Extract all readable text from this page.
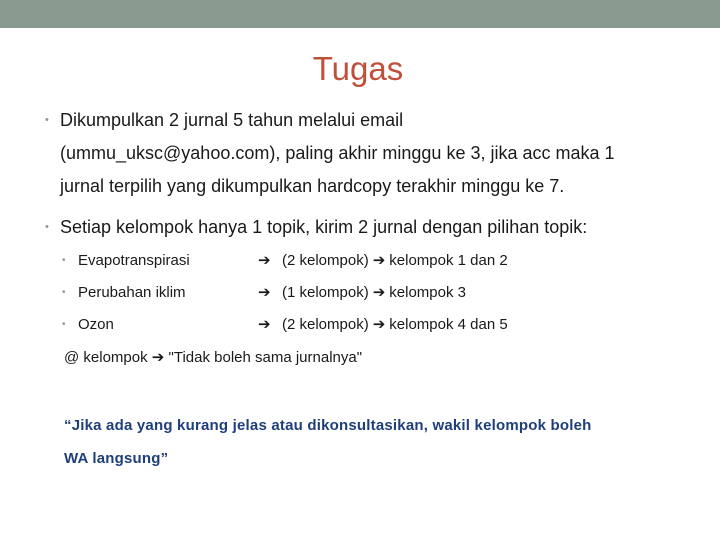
Tugas
• Dikumpulkan 2 jurnal 5 tahun melalui email
(ummu_uksc@yahoo.com), paling akhir minggu ke 3, jika acc maka 1
jurnal terpilih yang dikumpulkan hardcopy terakhir minggu ke 7.
• Setiap kelompok hanya 1 topik, kirim 2 jurnal dengan pilihan topik:
• Evapotranspirasi	➔ (2 kelompok) ➔ kelompok 1 dan 2
• Perubahan iklim	➔ (1 kelompok) ➔ kelompok 3
• Ozon	➔ (2 kelompok) ➔ kelompok 4 dan 5
@ kelompok ➔ "Tidak boleh sama jurnalnya"
“Jika ada yang kurang jelas atau dikonsultasikan, wakil kelompok boleh
WA langsung”
